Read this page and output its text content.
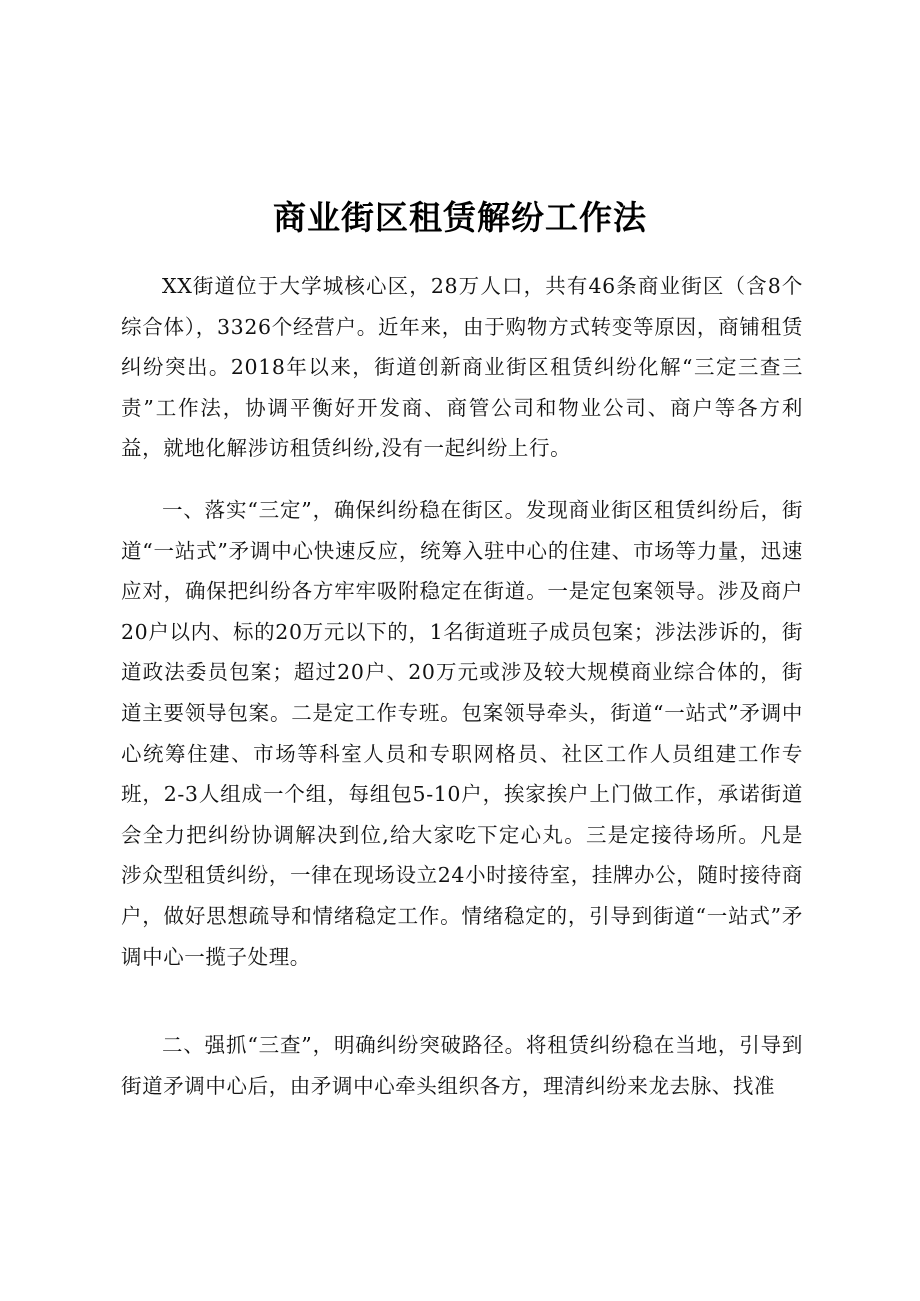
商业街区租赁解纷工作法

XX街道位于大学城核心区，28万人口，共有46条商业街区（含8个综合体），3326个经营户。近年来，由于购物方式转变等原因，商铺租赁纠纷突出。2018年以来，街道创新商业街区租赁纠纷化解“三定三查三责”工作法，协调平衡好开发商、商管公司和物业公司、商户等各方利益，就地化解涉访租赁纠纷,没有一起纠纷上行。

一、落实“三定”，确保纠纷稳在街区。发现商业街区租赁纠纷后，街道“一站式”矛调中心快速反应，统筹入驻中心的住建、市场等力量，迅速应对，确保把纠纷各方牢牢吸附稳定在街道。一是定包案领导。涉及商户20户以内、标的20万元以下的，1名街道班子成员包案；涉法涉诉的，街道政法委员包案；超过20户、20万元或涉及较大规模商业综合体的，街道主要领导包案。二是定工作专班。包案领导牵头，街道“一站式”矛调中心统筹住建、市场等科室人员和专职网格员、社区工作人员组建工作专班，2-3人组成一个组，每组包5-10户，挨家挨户上门做工作，承诺街道会全力把纠纷协调解决到位,给大家吃下定心丸。三是定接待场所。凡是涉众型租赁纠纷，一律在现场设立24小时接待室，挂牌办公，随时接待商户，做好思想疏导和情绪稳定工作。情绪稳定的，引导到街道“一站式”矛调中心一揽子处理。

二、强抓“三查”，明确纠纷突破路径。将租赁纠纷稳在当地，引导到街道矛调中心后，由矛调中心牵头组织各方，理清纠纷来龙去脉、找准
